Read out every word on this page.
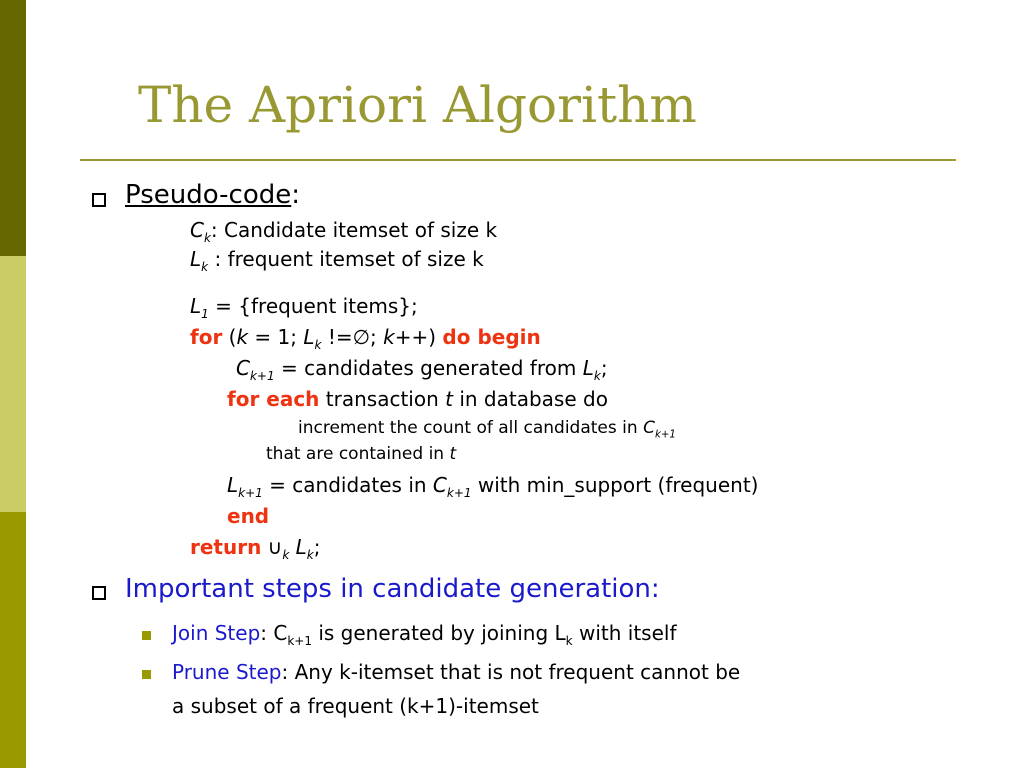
The Apriori Algorithm
Pseudo-code:
$C_k$: Candidate itemset of size k
$L_k$ : frequent itemset of size k
$L_1$ = {frequent items};
for (k = 1; $L_k$ !=∅; k++) do begin
$C_{k+1}$ = candidates generated from $L_k$;
for each transaction t in database do
increment the count of all candidates in $C_{k+1}$
that are contained in t
$L_{k+1}$ = candidates in $C_{k+1}$ with min_support (frequent)
end
return $\cup_k$ $L_k$;
Important steps in candidate generation:
Join Step: $C_{k+1}$ is generated by joining $L_k$ with itself
Prune Step: Any k-itemset that is not frequent cannot be
a subset of a frequent (k+1)-itemset
